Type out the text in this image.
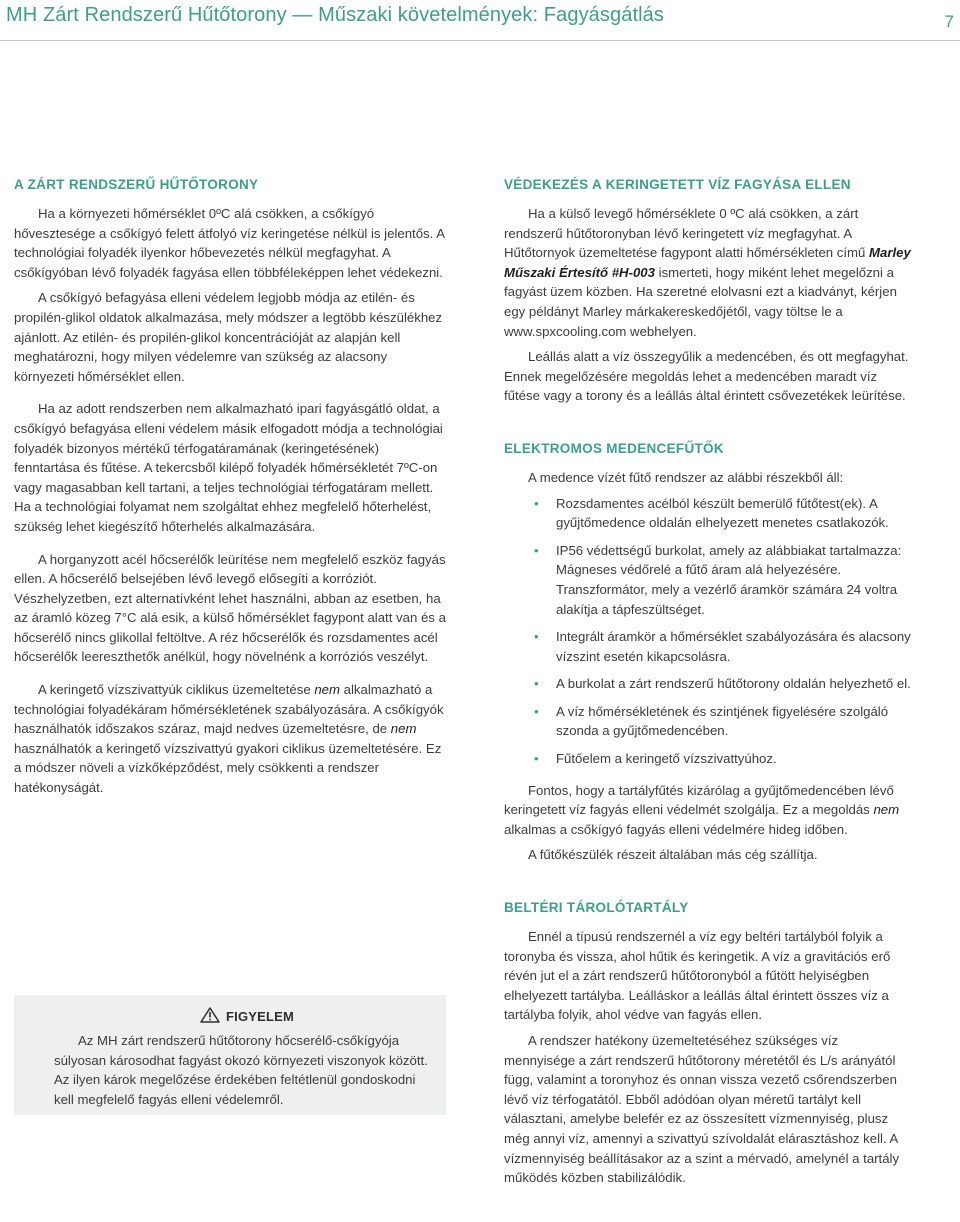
MH Zárt Rendszerű Hűtőtorony — Műszaki követelmények: Fagyásgátlás	7
A ZÁRT RENDSZERŰ HŰTŐTORONY

Ha a környezeti hőmérséklet 0ºC alá csökken, a csőkígyó hővesztesége a csőkígyó felett átfolyó víz keringetése nélkül is jelentős. A technológiai folyadék ilyenkor hőbevezetés nélkül megfagyhat. A csőkígyóban lévő folyadék fagyása ellen többféleképpen lehet védekezni.

A csőkígyó befagyása elleni védelem legjobb módja az etilén- és propilén-glikol oldatok alkalmazása, mely módszer a legtöbb készülékhez ajánlott. Az etilén- és propilén-glikol koncentrációját az alapján kell meghatározni, hogy milyen védelemre van szükség az alacsony környezeti hőmérséklet ellen.

Ha az adott rendszerben nem alkalmazható ipari fagyásgátló oldat, a csőkígyó befagyása elleni védelem másik elfogadott módja a technológiai folyadék bizonyos mértékű térfogatáramának (keringetésének) fenntartása és fűtése. A tekercsből kilépő folyadék hőmérsékletét 7ºC-on vagy magasabban kell tartani, a teljes technológiai térfogatáram mellett. Ha a technológiai folyamat nem szolgáltat ehhez megfelelő hőterhelést, szükség lehet kiegészítő hőterhelés alkalmazására.

A horganyzott acél hőcserélők leürítése nem megfelelő eszköz fagyás ellen. A hőcserélő belsejében lévő levegő elősegíti a korróziót. Vészhelyzetben, ezt alternatívként lehet használni, abban az esetben, ha az áramló közeg 7°C alá esik, a külső hőmérséklet fagypont alatt van és a hőcserélő nincs glikollal feltöltve. A réz hőcserélők és rozsdamentes acél hőcserélők leereszthetők anélkül, hogy növelnénk a korróziós veszélyt.

A keringető vízszivattyúk ciklikus üzemeltetése nem alkalmazható a technológiai folyadékáram hőmérsékletének szabályozására. A csőkígyók használhatók időszakos száraz, majd nedves üzemeltetésre, de nem használhatók a keringető vízszivattyú gyakori ciklikus üzemeltetésére. Ez a módszer növeli a vízkőképződést, mely csökkenti a rendszer hatékonyságát.

FIGYELEM

Az MH zárt rendszerű hűtőtorony hőcserélő-csőkígyója súlyosan károsodhat fagyást okozó környezeti viszonyok között. Az ilyen károk megelőzése érdekében feltétlenül gondoskodni kell megfelelő fagyás elleni védelemről.

VÉDEKEZÉS A KERINGETETT VÍZ FAGYÁSA ELLEN

Ha a külső levegő hőmérséklete 0 ºC alá csökken, a zárt rendszerű hűtőtoronyban lévő keringetett víz megfagyhat. A Hűtőtornyok üzemeltetése fagypont alatti hőmérsékleten című Marley Műszaki Értesítő #H-003 ismerteti, hogy miként lehet megelőzni a fagyást üzem közben. Ha szeretné elolvasni ezt a kiadványt, kérjen egy példányt Marley márkakereskedőjétől, vagy töltse le a www.spxcooling.com webhelyen.

Leállás alatt a víz összegyűlik a medencében, és ott megfagyhat. Ennek megelőzésére megoldás lehet a medencében maradt víz fűtése vagy a torony és a leállás által érintett csővezetékek leürítése.

ELEKTROMOS MEDENCEFŰTŐK

A medence vízét fűtő rendszer az alábbi részekből áll:

• Rozsdamentes acélból készült bemerülő fűtőtest(ek). A gyűjtőmedence oldalán elhelyezett menetes csatlakozók.
• IP56 védettségű burkolat, amely az alábbiakat tartalmazza: Mágneses védőrelé a fűtő áram alá helyezésére. Transzformátor, mely a vezérlő áramkör számára 24 voltra alakítja a tápfeszültséget.
• Integrált áramkör a hőmérséklet szabályozására és alacsony vízszint esetén kikapcsolásra.
• A burkolat a zárt rendszerű hűtőtorony oldalán helyezhető el.
• A víz hőmérsékletének és szintjének figyelésére szolgáló szonda a gyűjtőmedencében.
• Fűtőelem a keringető vízszivattyúhoz.

Fontos, hogy a tartályfűtés kizárólag a gyűjtőmedencében lévő keringetett víz fagyás elleni védelmét szolgálja. Ez a megoldás nem alkalmas a csőkígyó fagyás elleni védelmére hideg időben.

A fűtőkészülék részeit általában más cég szállítja.

BELTÉRI TÁROLÓTARTÁLY

Ennél a típusú rendszernél a víz egy beltéri tartályból folyik a toronyba és vissza, ahol hűtik és keringetik. A víz a gravitációs erő révén jut el a zárt rendszerű hűtőtoronyból a fűtött helyiségben elhelyezett tartályba. Leálláskor a leállás által érintett összes víz a tartályba folyik, ahol védve van fagyás ellen.

A rendszer hatékony üzemeltetéséhez szükséges víz mennyisége a zárt rendszerű hűtőtorony méretétől és L/s arányától függ, valamint a toronyhoz és onnan vissza vezető csőrendszerben lévő víz térfogatától. Ebből adódóan olyan méretű tartályt kell választani, amelybe belefér ez az összesített vízmennyiség, plusz még annyi víz, amennyi a szivattyú szívoldalát elárasztáshoz kell. A vízmennyiség beállításakor az a szint a mérvadó, amelynél a tartály működés közben stabilizálódik.
